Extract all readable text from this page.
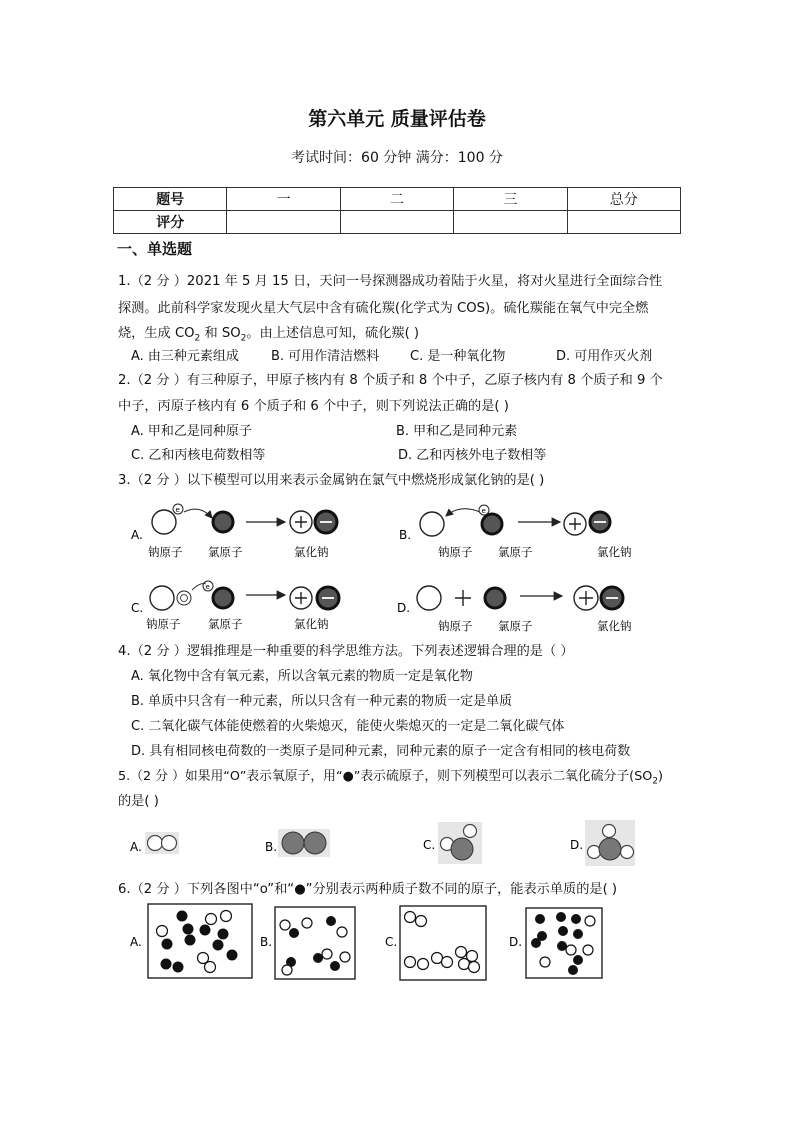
第六单元 质量评估卷
考试时间：60 分钟 满分：100 分
题号	一	二	三	总分
评分				
一、单选题
1.（2 分 ）2021 年 5 月 15 日，天问一号探测器成功着陆于火星，将对火星进行全面综合性
探测。此前科学家发现火星大气层中含有硫化羰(化学式为 COS)。硫化羰能在氧气中完全燃
烧，生成 $CO_2$ 和 $SO_2$。由上述信息可知，硫化羰( )
A. 由三种元素组成 B. 可用作清洁燃料 C. 是一种氧化物	D. 可用作灭火剂
2.（2 分 ）有三种原子，甲原子核内有 8 个质子和 8 个中子，乙原子核内有 8 个质子和 9 个
中子，丙原子核内有 6 个质子和 6 个中子，则下列说法正确的是( )
A. 甲和乙是同种原子	B. 甲和乙是同种元素
C. 乙和丙核电荷数相等	D. 乙和丙核外电子数相等
3.（2 分 ）以下模型可以用来表示金属钠在氯气中燃烧形成氯化钠的是( )
A.
e
钠原子 氯原子	氯化钠
B.
e
钠原子 氯原子	氯化钠
C.
e
钠原子 氯原子	氯化钠
D.
钠原子 氯原子	氯化钠
4.（2 分 ）逻辑推理是一种重要的科学思维方法。下列表述逻辑合理的是（ ）
A. 氧化物中含有氧元素，所以含氧元素的物质一定是氧化物
B. 单质中只含有一种元素，所以只含有一种元素的物质一定是单质
C. 二氧化碳气体能使燃着的火柴熄灭，能使火柴熄灭的一定是二氧化碳气体
D. 具有相同核电荷数的一类原子是同种元素，同种元素的原子一定含有相同的核电荷数
5.（2 分 ）如果用“O”表示氧原子，用“●”表示硫原子，则下列模型可以表示二氧化硫分子$(SO_2)$
的是( )
A.	B.	C.	D.
6.（2 分 ）下列各图中“o”和“●”分别表示两种质子数不同的原子，能表示单质的是( )
A.	B.	C.	D.
